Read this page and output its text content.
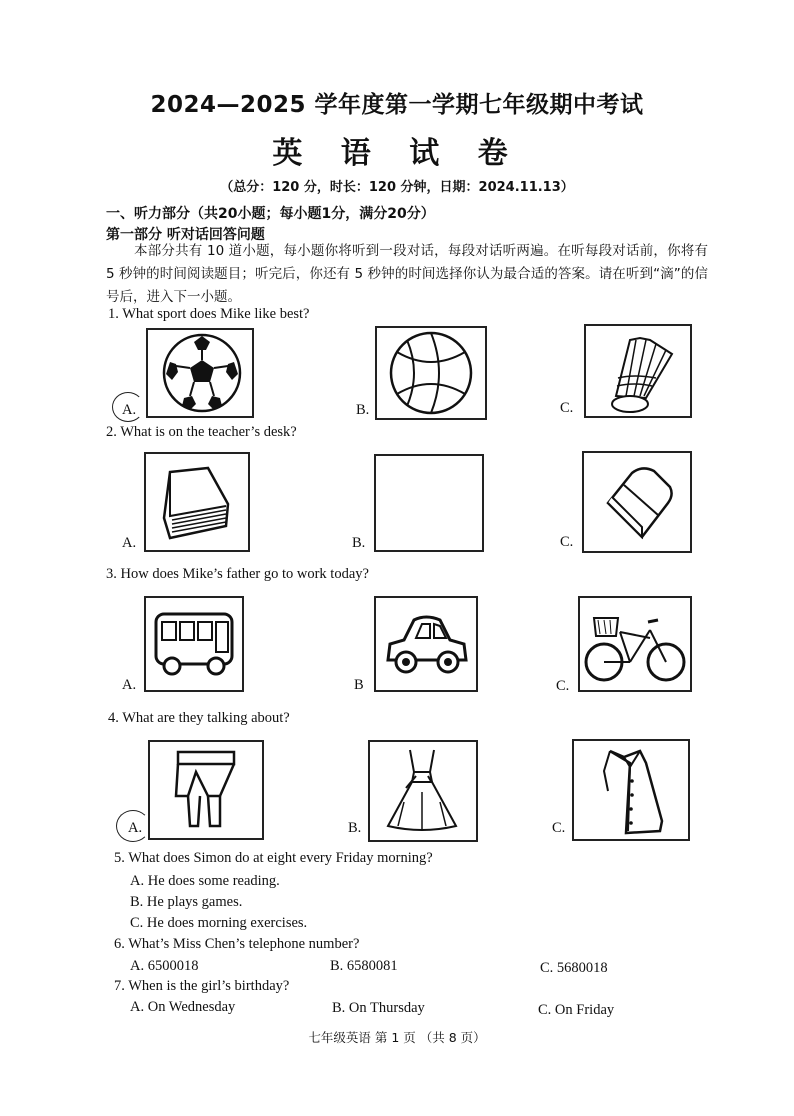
2024—2025 学年度第一学期七年级期中考试
英 语 试 卷
（总分：120 分，时长：120 分钟，日期：2024.11.13）
一、听力部分（共20小题；每小题1分，满分20分）
第一部分 听对话回答问题
本部分共有 10 道小题，每小题你将听到一段对话，每段对话听两遍。在听每段对话前，你将有 5 秒钟的时间阅读题目；听完后，你还有 5 秒钟的时间选择你认为最合适的答案。请在听到“滴”的信号后，进入下一小题。
1. What sport does Mike like best?
A.	B.	C.
2. What is on the teacher’s desk?
A.	B.	C.
3. How does Mike’s father go to work today?
A.	B	C.
4. What are they talking about?
A.	B.	C.
5. What does Simon do at eight every Friday morning?
A. He does some reading.
B. He plays games.
C. He does morning exercises.
6. What’s Miss Chen’s telephone number?
A. 6500018	B. 6580081	C. 5680018
7. When is the girl’s birthday?
A. On Wednesday	B. On Thursday	C. On Friday
七年级英语 第 1 页 （共 8 页）
